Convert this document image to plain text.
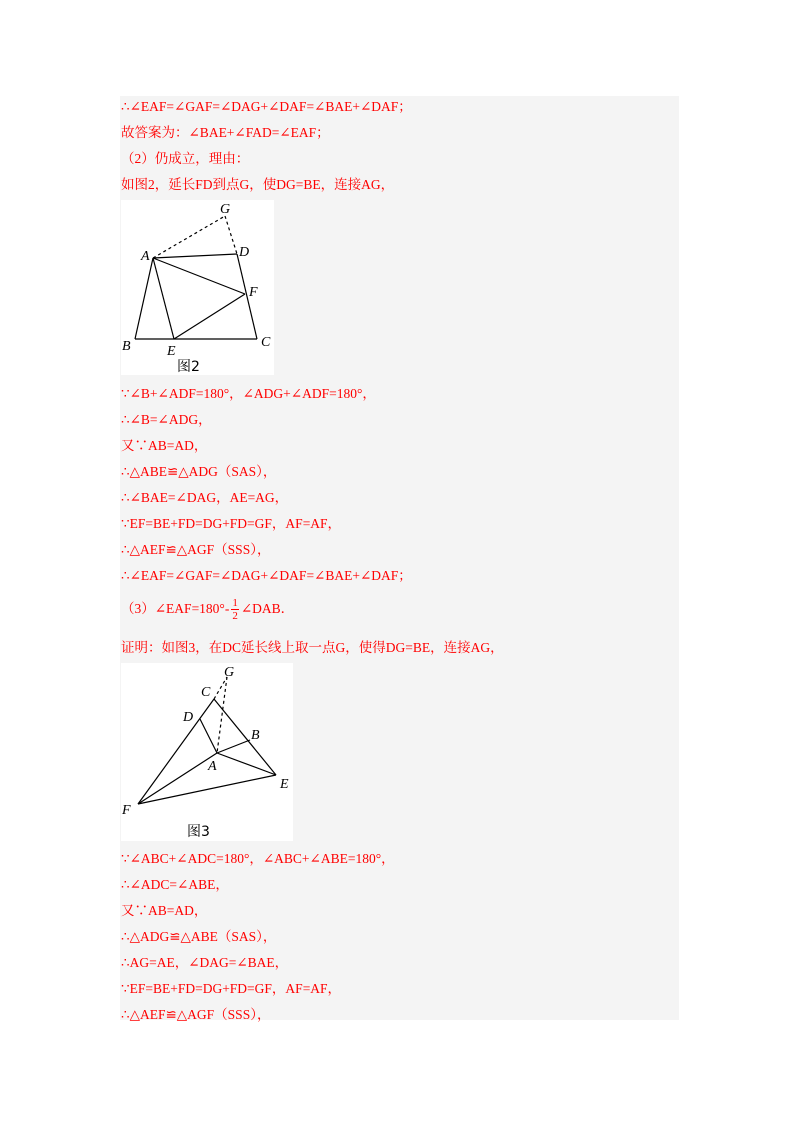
∴∠EAF=∠GAF=∠DAG+∠DAF=∠BAE+∠DAF；
故答案为：∠BAE+∠FAD=∠EAF；
（2）仍成立，理由：
如图2，延长FD到点G，使DG=BE，连接AG，
G
A	D
F
B	E
C
图2
∵∠B+∠ADF=180°，∠ADG+∠ADF=180°，
∴∠B=∠ADG，
又∵AB=AD，
∴△ABE≌△ADG（SAS），
∴∠BAE=∠DAG，AE=AG，
∵EF=BE+FD=DG+FD=GF，AF=AF，
∴△AEF≌△AGF（SSS），
∴∠EAF=∠GAF=∠DAG+∠DAF=∠BAE+∠DAF；
（3）∠EAF=180°- $\frac{1}{2}$ ∠DAB．
证明：如图3，在DC延长线上取一点G，使得DG=BE，连接AG，
G
C
D
B
A
E
F
图3
∵∠ABC+∠ADC=180°，∠ABC+∠ABE=180°，
∴∠ADC=∠ABE，
又∵AB=AD，
∴△ADG≌△ABE（SAS），
∴AG=AE，∠DAG=∠BAE，
∵EF=BE+FD=DG+FD=GF，AF=AF，
∴△AEF≌△AGF（SSS），
